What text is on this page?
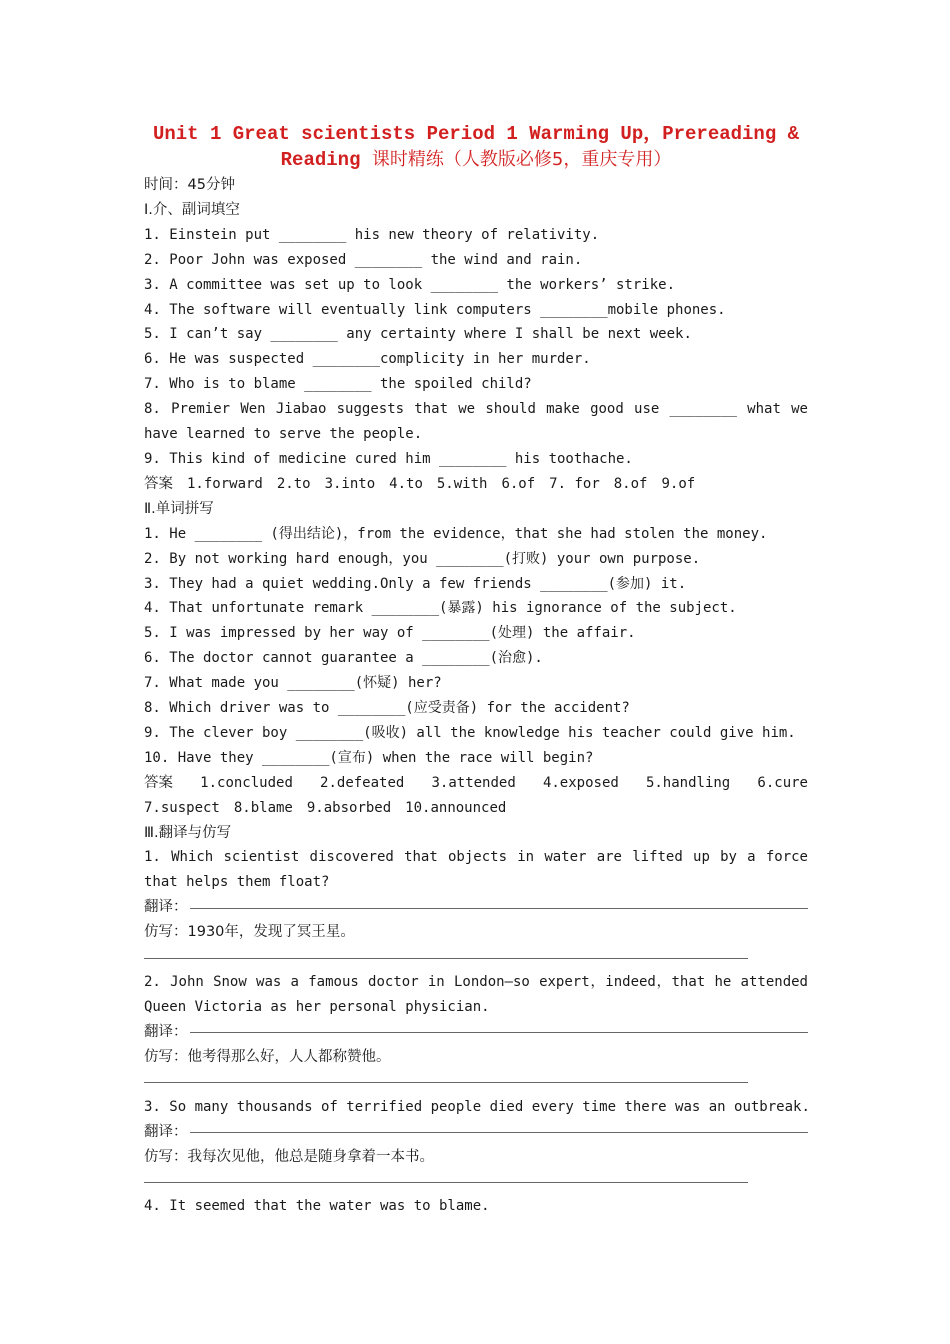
Unit 1 Great scientists Period 1 Warming Up，Prereading & Reading 课时精练（人教版必修5，重庆专用）

时间：45分钟

Ⅰ.介、副词填空

1. Einstein put ________ his new theory of relativity.

2. Poor John was exposed ________ the wind and rain.

3. A committee was set up to look ________ the workers’ strike.

4. The software will eventually link computers ________mobile phones.

5. I can’t say ________ any certainty where I shall be next week.

6. He was suspected ________complicity in her murder.

7. Who is to blame ________ the spoiled child?

8. Premier Wen Jiabao suggests that we should make good use ________ what we

have learned to serve the people.

9. This kind of medicine cured him ________ his toothache.

答案 1.forward 2.to 3.into 4.to 5.with 6.of 7. for 8.of 9.of

Ⅱ.单词拼写

1. He ________ (得出结论)，from the evidence，that she had stolen the money.

2. By not working hard enough，you ________(打败) your own purpose.

3. They had a quiet wedding.Only a few friends ________(参加) it.

4. That unfortunate remark ________(暴露) his ignorance of the subject.

5. I was impressed by her way of ________(处理) the affair.

6. The doctor cannot guarantee a ________(治愈).

7. What made you ________(怀疑) her?

8. Which driver was to ________(应受责备) for the accident?

9. The clever boy ________(吸收) all the knowledge his teacher could give him.

10. Have they ________(宣布) when the race will begin?

答案 1.concluded 2.defeated 3.attended 4.exposed 5.handling 6.cure

7.suspect 8.blame 9.absorbed 10.announced

Ⅲ.翻译与仿写

1. Which scientist discovered that objects in water are lifted up by a force

that helps them float?

翻译：

仿写：1930年，发现了冥王星。

2. John Snow was a famous doctor in London—so expert，indeed，that he attended

Queen Victoria as her personal physician.

翻译：

仿写：他考得那么好，人人都称赞他。

3. So many thousands of terrified people died every time there was an outbreak.

翻译：

仿写：我每次见他，他总是随身拿着一本书。

4. It seemed that the water was to blame.
